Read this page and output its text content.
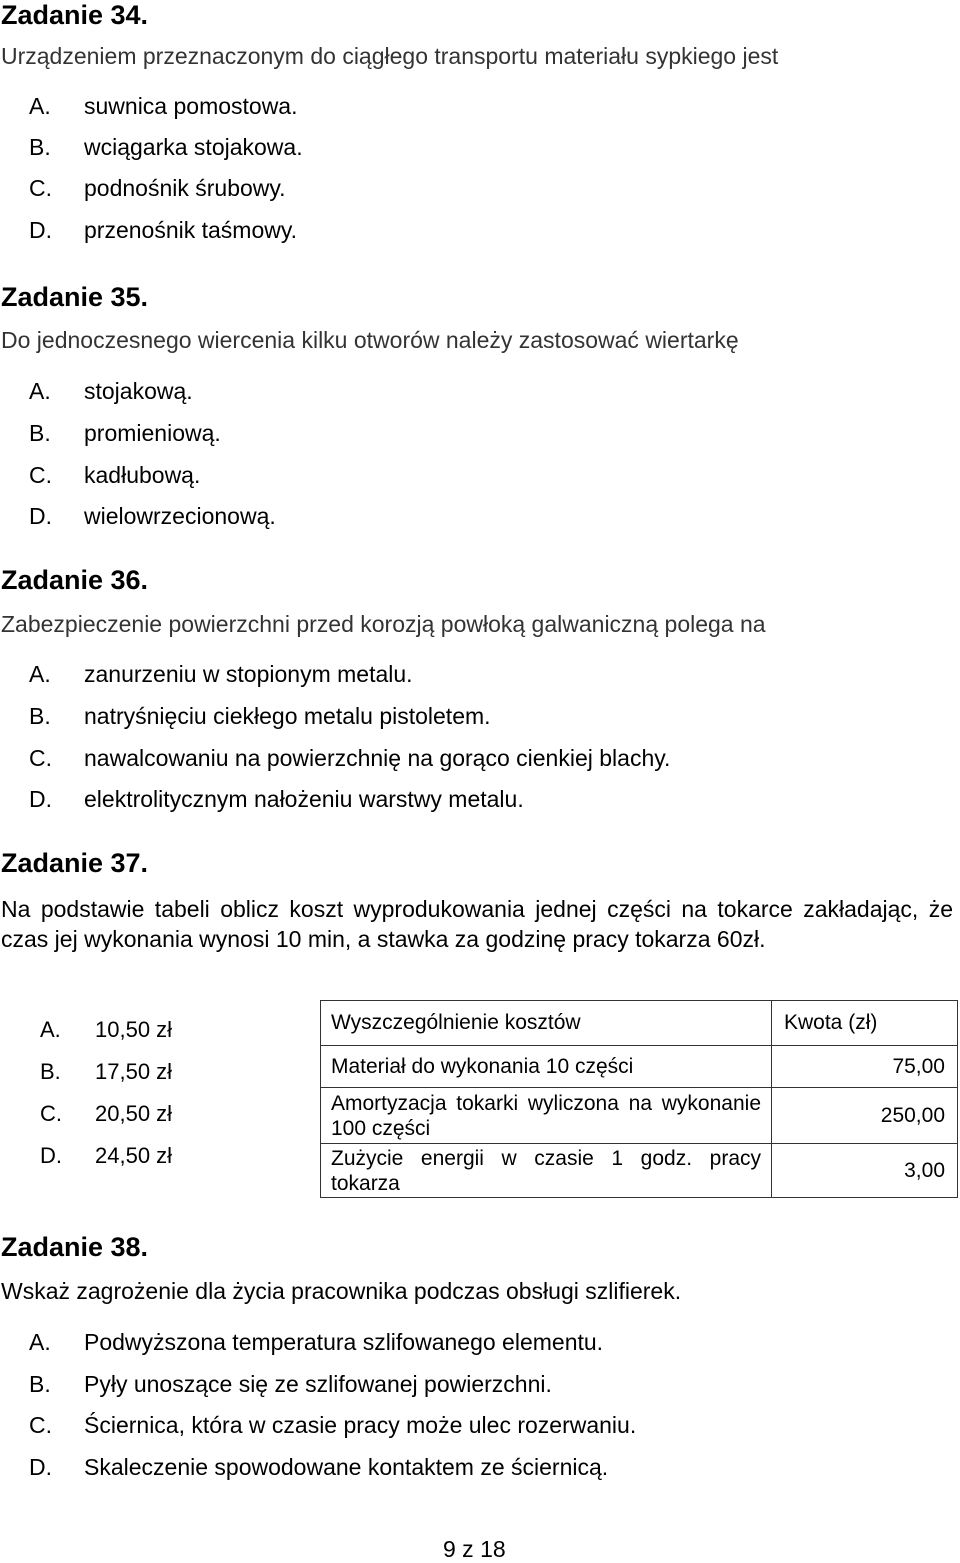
Zadanie 34.
Urządzeniem przeznaczonym do ciągłego transportu materiału sypkiego jest
A. suwnica pomostowa.
B. wciągarka stojakowa.
C. podnośnik śrubowy.
D. przenośnik taśmowy.
Zadanie 35.
Do jednoczesnego wiercenia kilku otworów należy zastosować wiertarkę
A. stojakową.
B. promieniową.
C. kadłubową.
D. wielowrzecionową.
Zadanie 36.
Zabezpieczenie powierzchni przed korozją powłoką galwaniczną polega na
A. zanurzeniu w stopionym metalu.
B. natryśnięciu ciekłego metalu pistoletem.
C. nawalcowaniu na powierzchnię na gorąco cienkiej blachy.
D. elektrolitycznym nałożeniu warstwy metalu.
Zadanie 37.
Na podstawie tabeli oblicz koszt wyprodukowania jednej części na tokarce zakładając, że czas jej wykonania wynosi 10 min, a stawka za godzinę pracy tokarza 60zł.
A. 10,50 zł
B. 17,50 zł
C. 20,50 zł
D. 24,50 zł
Wyszczególnienie kosztów	Kwota (zł)
Materiał do wykonania 10 części	75,00
Amortyzacja tokarki wyliczona na wykonanie 100 części	250,00
Zużycie energii w czasie 1 godz. pracy tokarza	3,00
Zadanie 38.
Wskaż zagrożenie dla życia pracownika podczas obsługi szlifierek.
A. Podwyższona temperatura szlifowanego elementu.
B. Pyły unoszące się ze szlifowanej powierzchni.
C. Ściernica, która w czasie pracy może ulec rozerwaniu.
D. Skaleczenie spowodowane kontaktem ze ściernicą.
9 z 18
